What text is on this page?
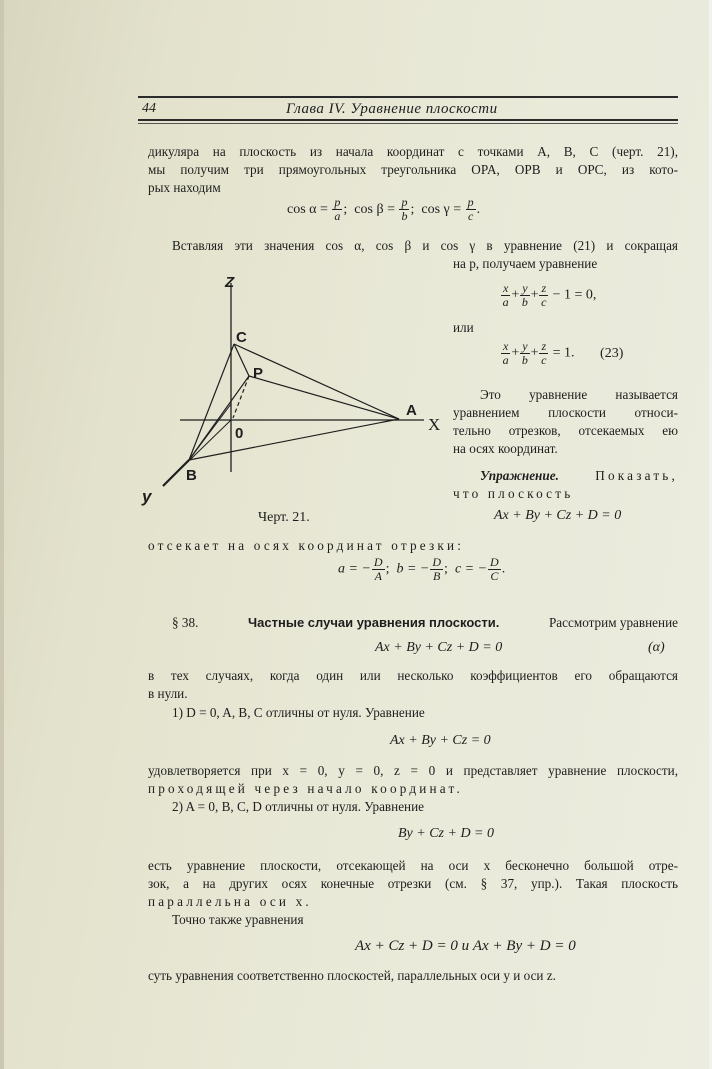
44	Глава IV. Уравнение плоскости
дикуляра на плоскость из начала координат с точками A, B, C (черт. 21),
мы получим три прямоугольных треугольника OPA, OPB и OPC, из кото-
рых находим
$\cos \alpha = \frac{p}{a}$ ; $\cos \beta = \frac{p}{b}$ ; $\cos \gamma = \frac{p}{c}$ .
Вставляя эти значения cos α, cos β и cos γ в уравнение (21) и сокращая
на p, получаем уравнение
$\frac{x}{a} + \frac{y}{b} + \frac{z}{c} - 1 = 0$,
или
$\frac{x}{a} + \frac{y}{b} + \frac{z}{c} = 1$. (23)
Это уравнение называется
уравнением плоскости относи-
тельно отрезков, отсекаемых ею
на осях координат.
Упражнение.	Показать,
что плоскость
Ax + By + Cz + D = 0
Z
C
P
A
X
0
B
y
Черт. 21.
отсекает на осях координат отрезки:
a = − $\frac{D}{A}$ ; b = − $\frac{D}{B}$ ; c = − $\frac{D}{C}$ .
§ 38.	Частные случаи уравнения плоскости.	Рассмотрим уравнение
Ax + By + Cz + D = 0	(α)
в тех случаях, когда один или несколько коэффициентов его обращаются
в нули.
1) D = 0, A, B, C отличны от нуля. Уравнение
Ax + By + Cz = 0
удовлетворяется при x = 0, y = 0, z = 0 и представляет уравнение плоскости,
проходящей через начало координат.
2) A = 0, B, C, D отличны от нуля. Уравнение
By + Cz + D = 0
есть уравнение плоскости, отсекающей на оси x бесконечно большой отре-
зок, а на других осях конечные отрезки (см. § 37, упр.). Такая плоскость
параллельна оси x.
Точно также уравнения
Ax + Cz + D = 0 и Ax + By + D = 0
суть уравнения соответственно плоскостей, параллельных оси y и оси z.
